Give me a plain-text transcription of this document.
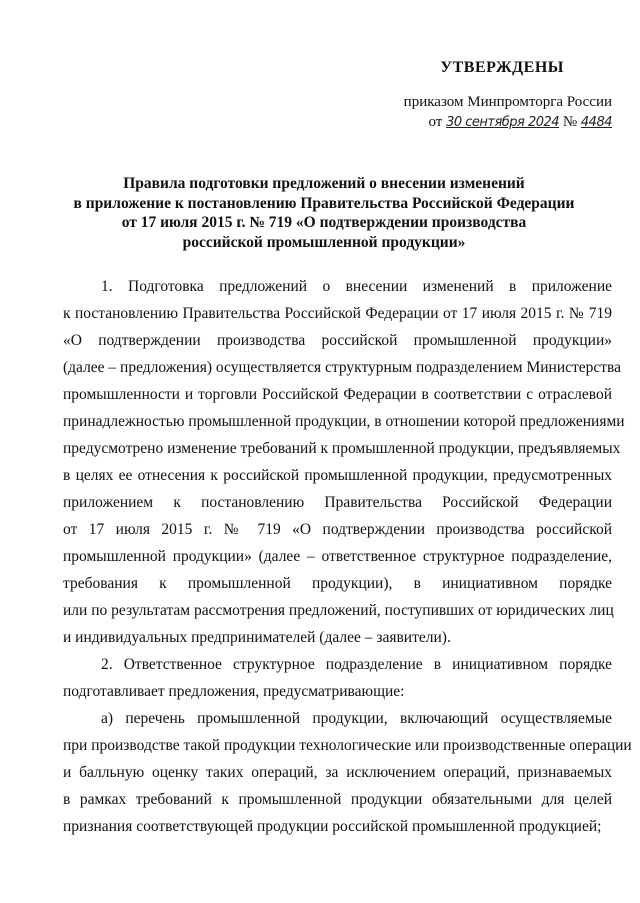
УТВЕРЖДЕНЫ
приказом Минпромторга России
от 30 сентября 2024 № 4484
Правила подготовки предложений о внесении изменений
в приложение к постановлению Правительства Российской Федерации
от 17 июля 2015 г. № 719 «О подтверждении производства
российской промышленной продукции»
1. Подготовка предложений о внесении изменений в приложение
к постановлению Правительства Российской Федерации от 17 июля 2015 г. № 719
«О подтверждении производства российской промышленной продукции»
(далее – предложения) осуществляется структурным подразделением Министерства
промышленности и торговли Российской Федерации в соответствии с отраслевой
принадлежностью промышленной продукции, в отношении которой предложениями
предусмотрено изменение требований к промышленной продукции, предъявляемых
в целях ее отнесения к российской промышленной продукции, предусмотренных
приложением к постановлению Правительства Российской Федерации
от 17 июля 2015 г. № 719 «О подтверждении производства российской
промышленной продукции» (далее – ответственное структурное подразделение,
требования к промышленной продукции), в инициативном порядке
или по результатам рассмотрения предложений, поступивших от юридических лиц
и индивидуальных предпринимателей (далее – заявители).
2. Ответственное структурное подразделение в инициативном порядке
подготавливает предложения, предусматривающие:
а) перечень промышленной продукции, включающий осуществляемые
при производстве такой продукции технологические или производственные операции
и балльную оценку таких операций, за исключением операций, признаваемых
в рамках требований к промышленной продукции обязательными для целей
признания соответствующей продукции российской промышленной продукцией;
